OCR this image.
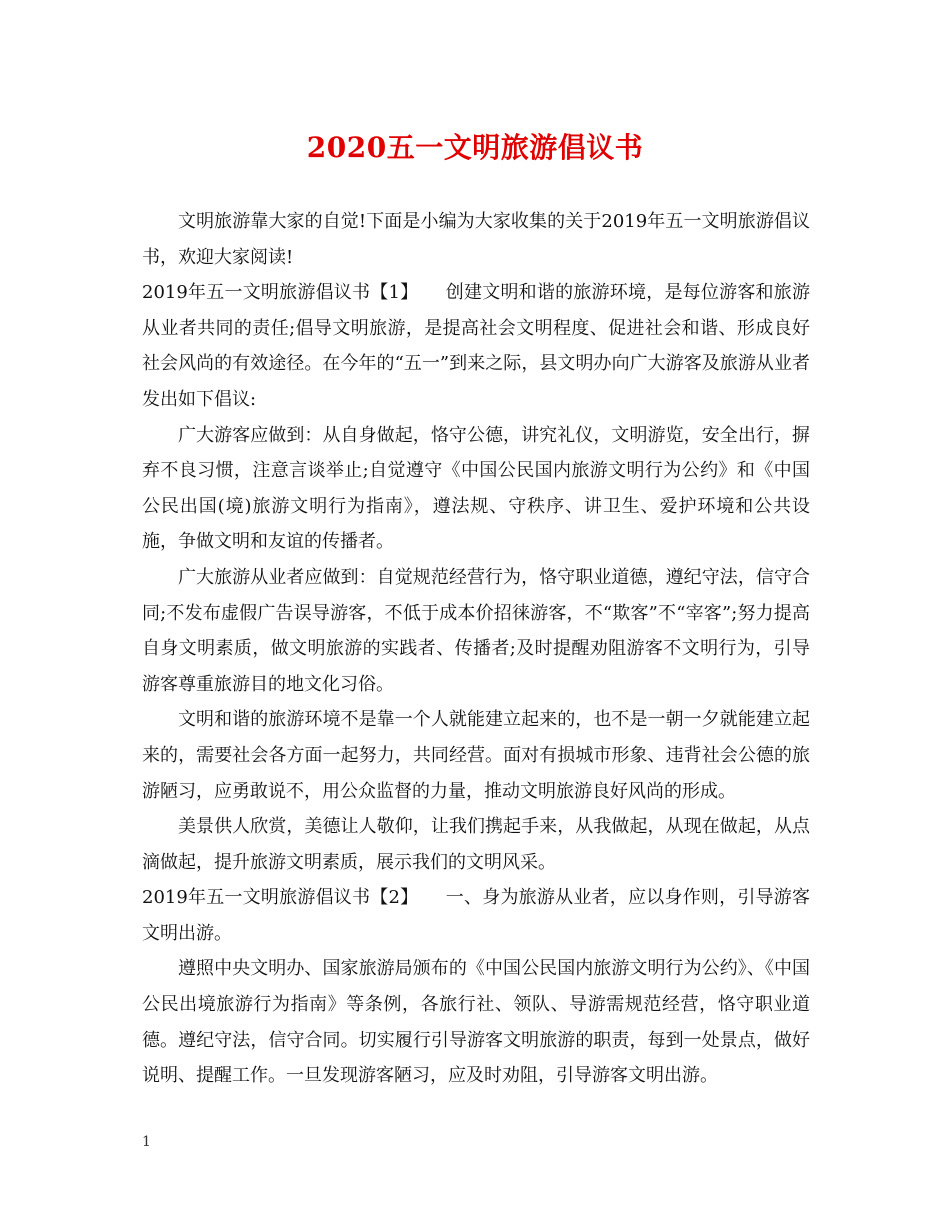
2020五一文明旅游倡议书

文明旅游靠大家的自觉!下面是小编为大家收集的关于2019年五一文明旅游倡议书，欢迎大家阅读!

2019年五一文明旅游倡议书【1】　　创建文明和谐的旅游环境，是每位游客和旅游从业者共同的责任;倡导文明旅游，是提高社会文明程度、促进社会和谐、形成良好社会风尚的有效途径。在今年的“五一”到来之际，县文明办向广大游客及旅游从业者发出如下倡议:

广大游客应做到：从自身做起，恪守公德，讲究礼仪，文明游览，安全出行，摒弃不良习惯，注意言谈举止;自觉遵守《中国公民国内旅游文明行为公约》和《中国公民出国(境)旅游文明行为指南》，遵法规、守秩序、讲卫生、爱护环境和公共设施，争做文明和友谊的传播者。

广大旅游从业者应做到：自觉规范经营行为，恪守职业道德，遵纪守法，信守合同;不发布虚假广告误导游客，不低于成本价招徕游客，不“欺客”不“宰客”;努力提高自身文明素质，做文明旅游的实践者、传播者;及时提醒劝阻游客不文明行为，引导游客尊重旅游目的地文化习俗。

文明和谐的旅游环境不是靠一个人就能建立起来的，也不是一朝一夕就能建立起来的，需要社会各方面一起努力，共同经营。面对有损城市形象、违背社会公德的旅游陋习，应勇敢说不，用公众监督的力量，推动文明旅游良好风尚的形成。

美景供人欣赏，美德让人敬仰，让我们携起手来，从我做起，从现在做起，从点滴做起，提升旅游文明素质，展示我们的文明风采。

2019年五一文明旅游倡议书【2】　　一、身为旅游从业者，应以身作则，引导游客文明出游。

遵照中央文明办、国家旅游局颁布的《中国公民国内旅游文明行为公约》、《中国公民出境旅游行为指南》等条例，各旅行社、领队、导游需规范经营，恪守职业道德。遵纪守法，信守合同。切实履行引导游客文明旅游的职责，每到一处景点，做好说明、提醒工作。一旦发现游客陋习，应及时劝阻，引导游客文明出游。

1
